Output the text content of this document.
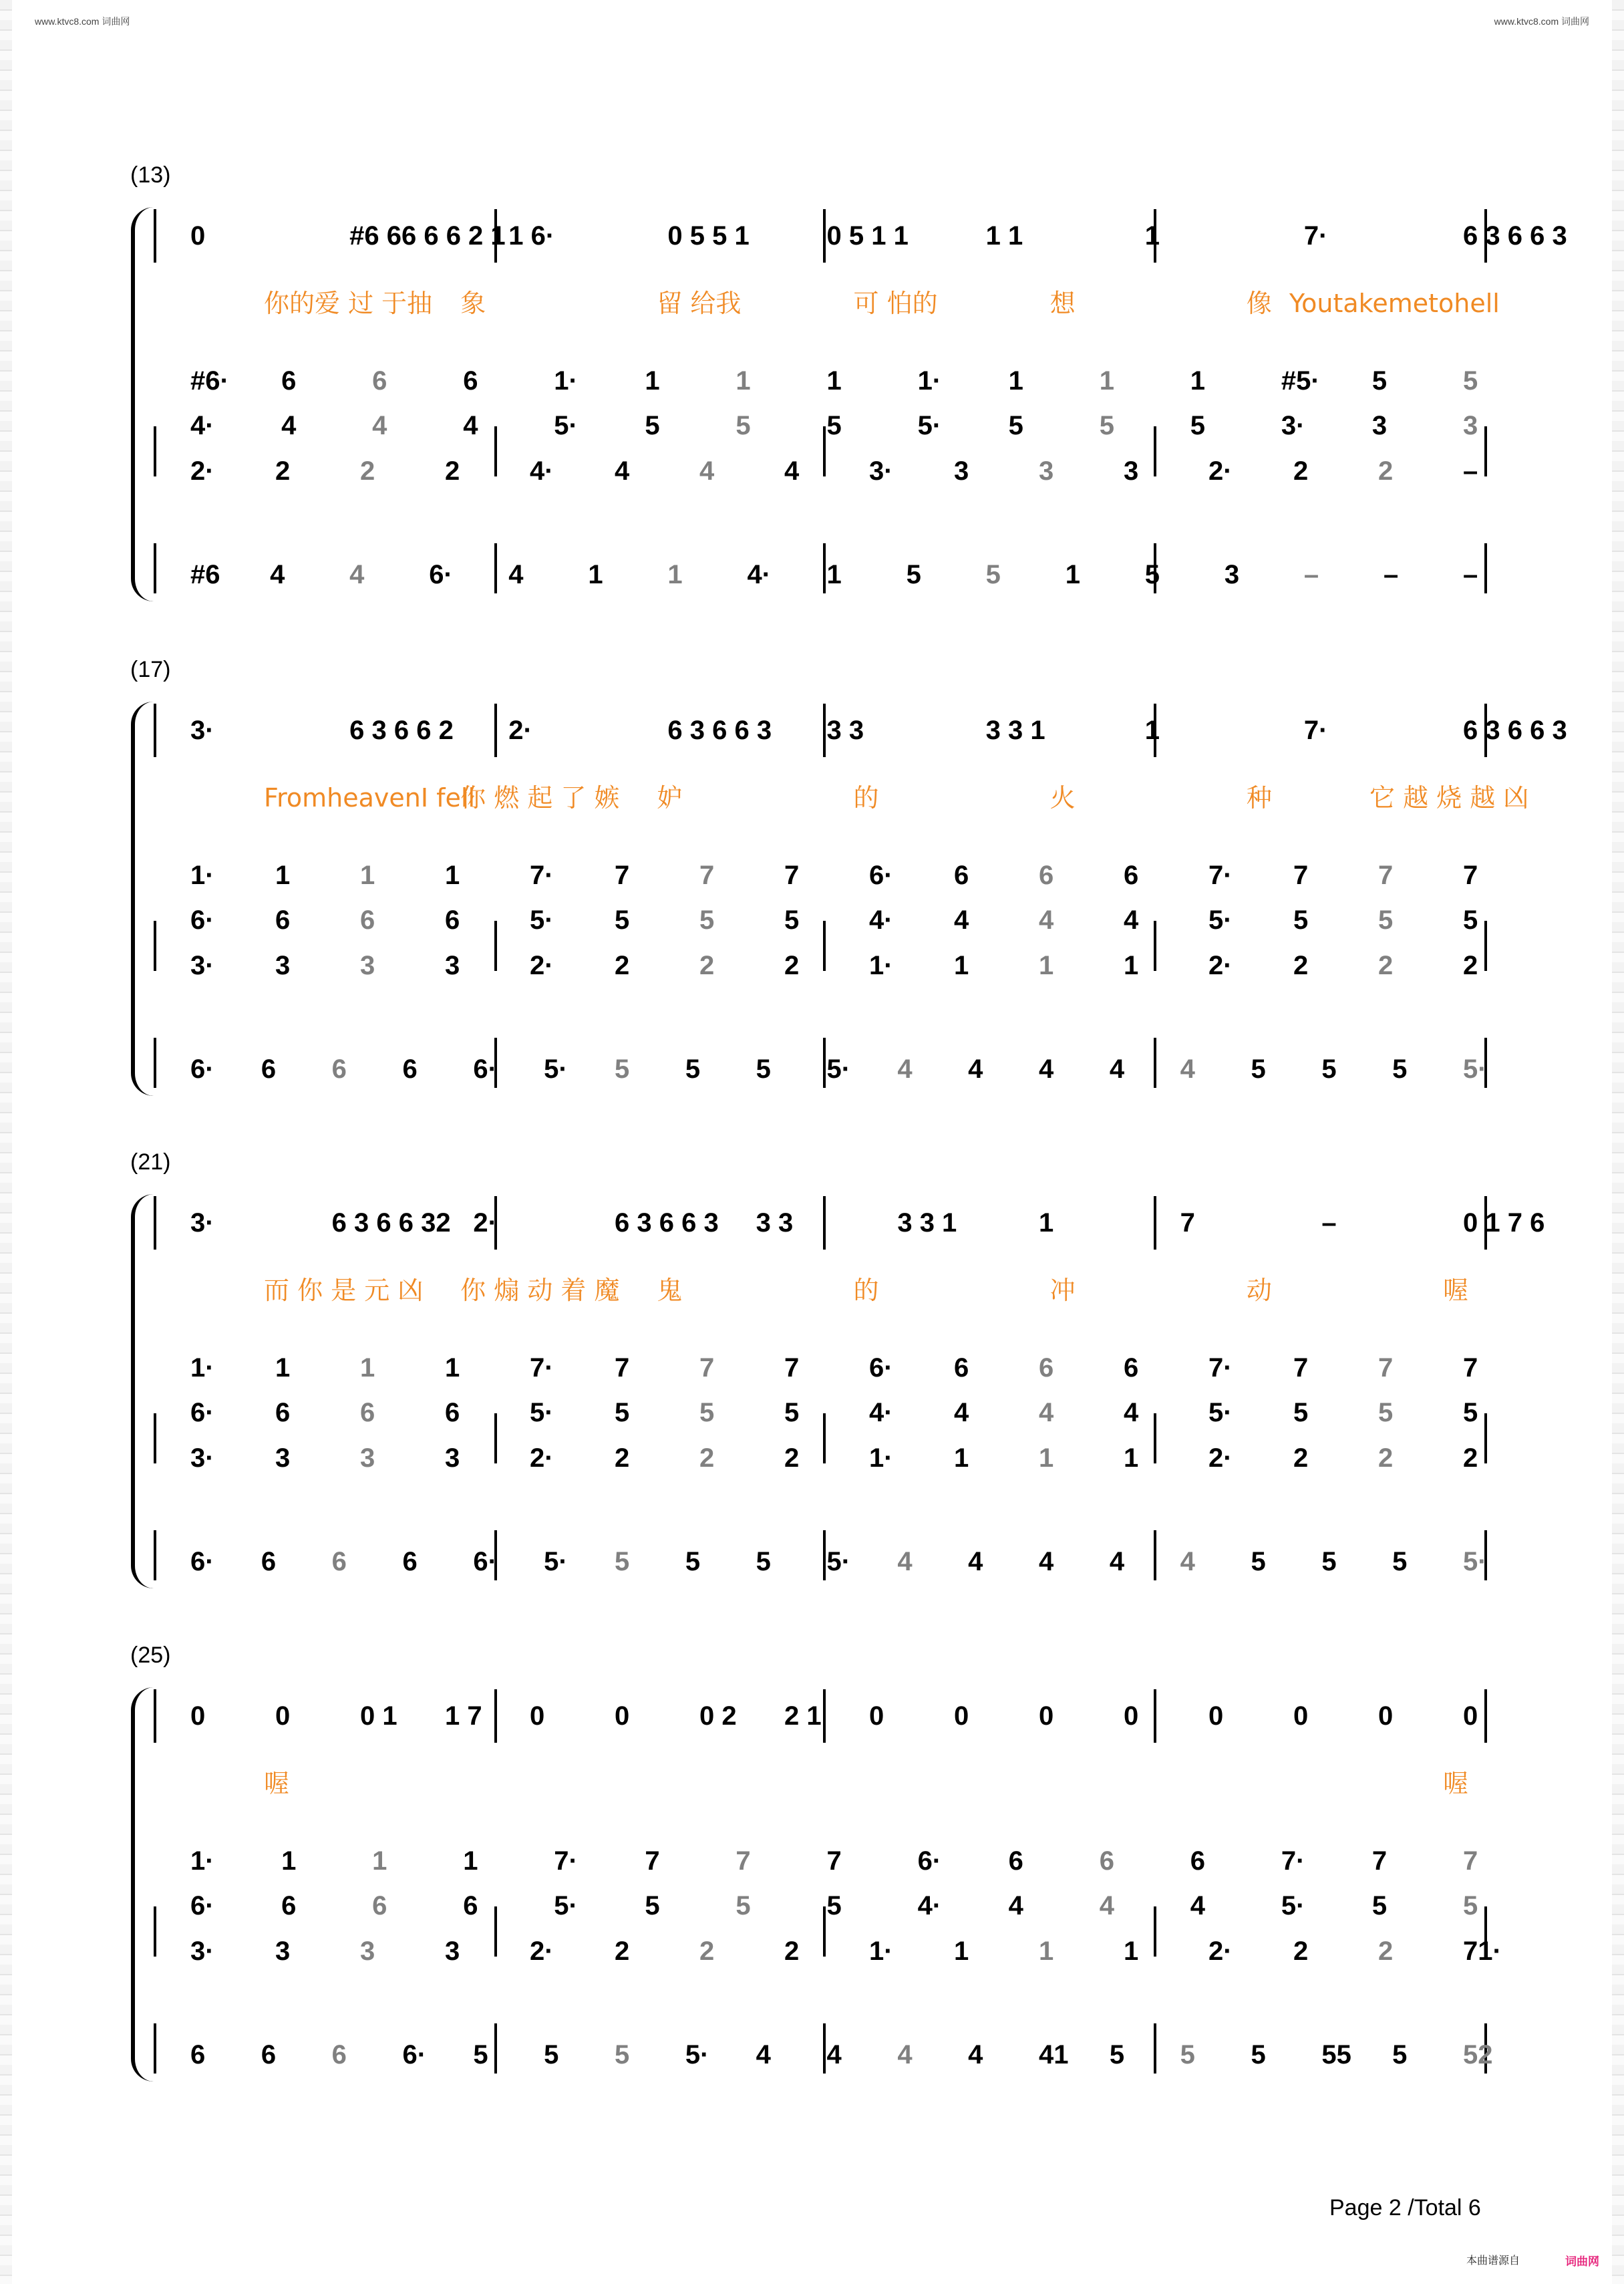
www.ktvc8.com 词曲网	www.ktvc8.com 词曲网
(13)
0	#6 66 6 6 2 1 1 6·	0 5 5 1	0 5 1 1	1 1	1	7·	6 3 6 6 3
你的爱 过 于抽 象	留 给我	可 怕的	想	像 Youtakemetohell
#6· 6	6	6	1·	1	1	1	1·	1	1	1	#5· 5	5
4·	4	4	4	5·	5	5	5	5·	5	5	5	3·	3	3
2· 2	2	2	4· 4	4	4	3· 3	3	3	2· 2	2	–
#6 4 4 6· 4 1 1 4· 1 5 5 1 5 3 – – –
(17)
3·	6 3 6 6 2 2·	6 3 6 6 3 3 3	3 3 1	1	7·	6 3 6 6 3
FromheavenI fell
你 燃 起 了 嫉 妒	的	火	种	它 越 烧 越 凶
1· 1	1	1	7· 7	7	7	6· 6	6	6	7· 7	7	7
6· 6	6	6	5· 5	5	5	4· 4	4	4	5· 5	5	5
3· 3	3	3	2· 2	2	2	1· 1	1	1	2· 2	2	2
6· 6 6 6 6· 5· 5 5 5 5· 4 4 4 4 4 5 5 5 5·
(21)
3·	6 3 6 6 32 2·	6 3 6 6 3 3 3	3 3 1	1	7	–	0 1 7 6
而 你 是 元 凶 你 煽 动 着 魔 鬼	的	冲	动	喔
1· 1	1	1	7· 7	7	7	6· 6	6	6	7· 7	7	7
6· 6	6	6	5· 5	5	5	4· 4	4	4	5· 5	5	5
3· 3	3	3	2· 2	2	2	1· 1	1	1	2· 2	2	2
6· 6 6 6 6· 5· 5 5 5 5· 4 4 4 4 4 5 5 5 5·
(25)
0	0	0 1 1 7 0	0	0 2 2 1 0	0	0	0	0	0	0	0
喔	喔
1·	1	1	1	7·	7	7	7	6·	6	6	6	7·	7	7
6·	6	6	6	5·	5	5	5	4·	4	4	4	5·	5	5
3· 3	3	3	2· 2	2	2	1· 1	1	1	2· 2	2	71·
6 6 6 6· 5 5 5 5· 4 4 4 4 41 5 5 5 55 5 52
Page 2 /Total 6
本曲谱源自	词曲网
